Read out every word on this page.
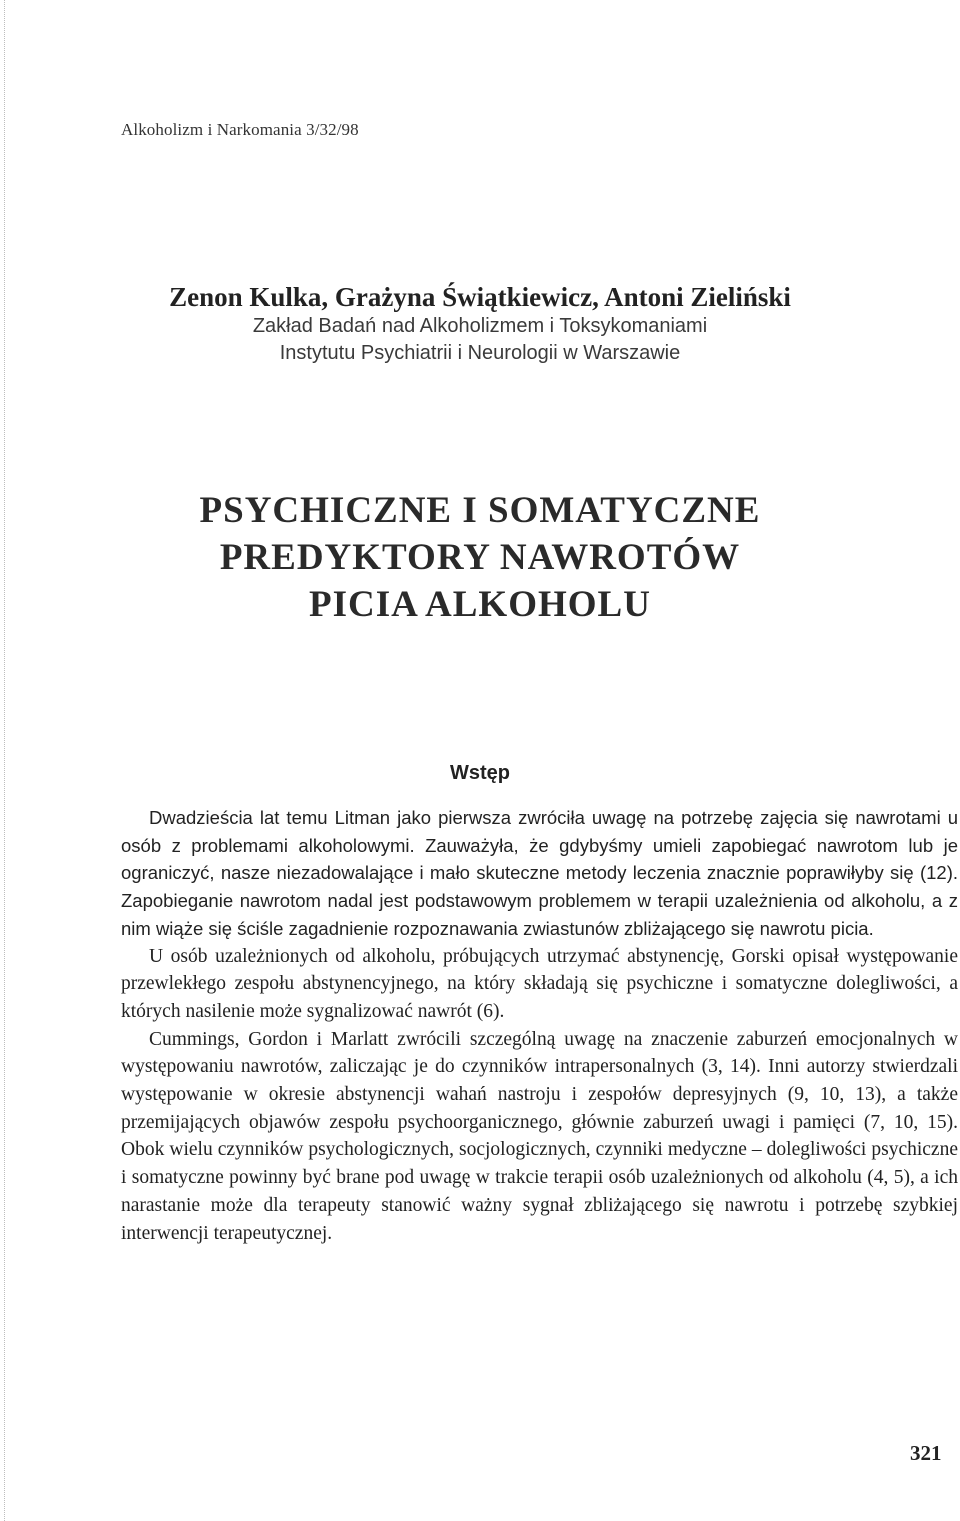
Alkoholizm i Narkomania 3/32/98
Zenon Kulka, Grażyna Świątkiewicz, Antoni Zieliński
Zakład Badań nad Alkoholizmem i Toksykomaniami
Instytutu Psychiatrii i Neurologii w Warszawie
PSYCHICZNE I SOMATYCZNE
PREDYKTORY NAWROTÓW
PICIA ALKOHOLU
Wstęp

Dwadzieścia lat temu Litman jako pierwsza zwróciła uwagę na potrzebę zajęcia się nawrotami u osób z problemami alkoholowymi. Zauważyła, że gdybyśmy umieli zapobiegać nawrotom lub je ograniczyć, nasze niezadowalające i mało skuteczne metody leczenia znacznie poprawiłyby się (12). Zapobieganie nawrotom nadal jest podstawowym problemem w terapii uzależnienia od alkoholu, a z nim wiąże się ściśle zagadnienie rozpoznawania zwiastunów zbliżającego się nawrotu picia.

U osób uzależnionych od alkoholu, próbujących utrzymać abstynencję, Gorski opisał występowanie przewlekłego zespołu abstynencyjnego, na który składają się psychiczne i somatyczne dolegliwości, a których nasilenie może sygnalizować nawrót (6).

Cummings, Gordon i Marlatt zwrócili szczególną uwagę na znaczenie zaburzeń emocjonalnych w występowaniu nawrotów, zaliczając je do czynników intrapersonalnych (3, 14). Inni autorzy stwierdzali występowanie w okresie abstynencji wahań nastroju i zespołów depresyjnych (9, 10, 13), a także przemijających objawów zespołu psychoorganicznego, głównie zaburzeń uwagi i pamięci (7, 10, 15). Obok wielu czynników psychologicznych, socjologicznych, czynniki medyczne – dolegliwości psychiczne i somatyczne powinny być brane pod uwagę w trakcie terapii osób uzależnionych od alkoholu (4, 5), a ich narastanie może dla terapeuty stanowić ważny sygnał zbliżającego się nawrotu i potrzebę szybkiej interwencji terapeutycznej.

321
